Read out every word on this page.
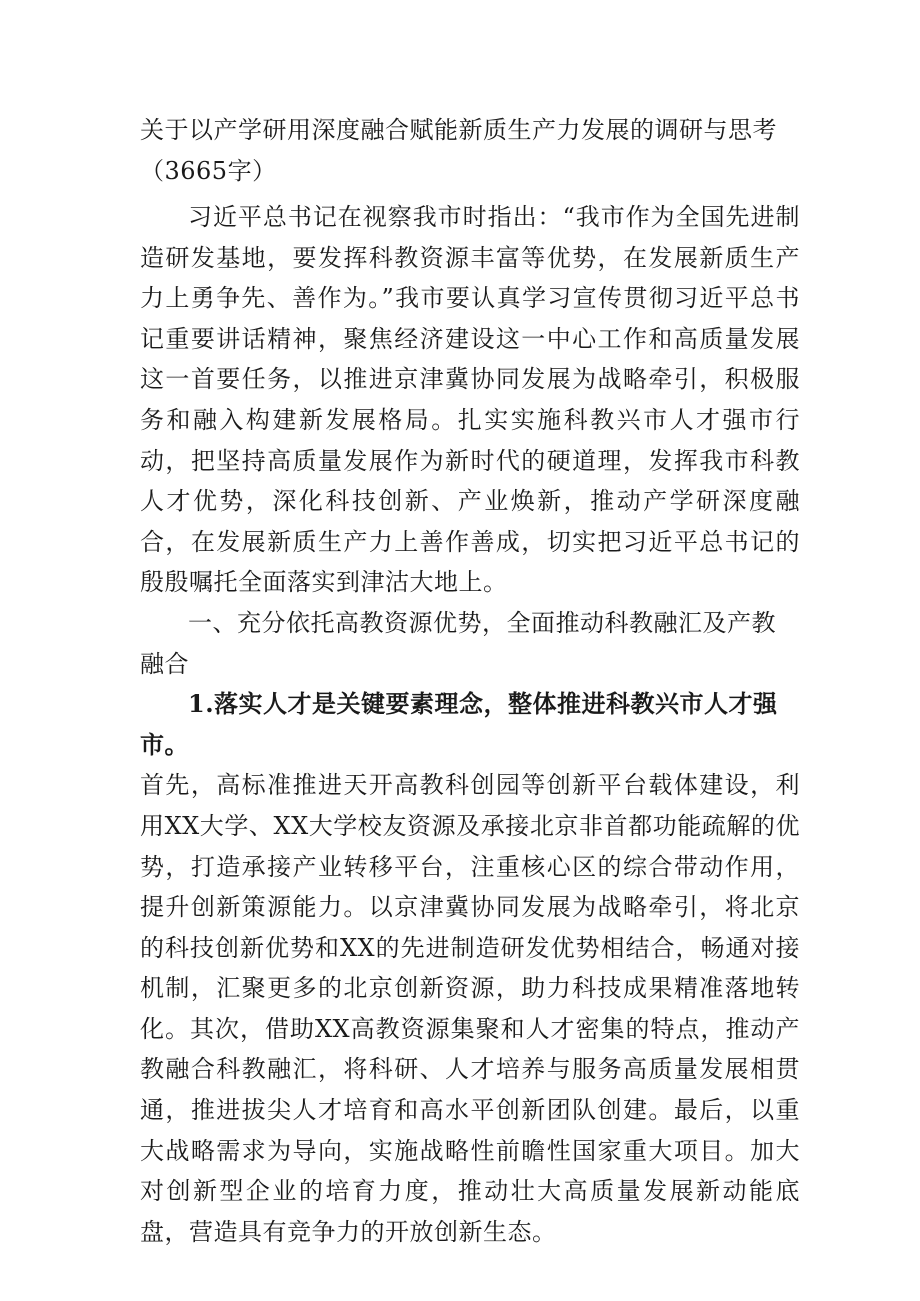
关于以产学研用深度融合赋能新质生产力发展的调研与思考（3665字）

习近平总书记在视察我市时指出：“我市作为全国先进制造研发基地，要发挥科教资源丰富等优势，在发展新质生产力上勇争先、善作为。”我市要认真学习宣传贯彻习近平总书记重要讲话精神，聚焦经济建设这一中心工作和高质量发展这一首要任务，以推进京津冀协同发展为战略牵引，积极服务和融入构建新发展格局。扎实实施科教兴市人才强市行动，把坚持高质量发展作为新时代的硬道理，发挥我市科教人才优势，深化科技创新、产业焕新，推动产学研深度融合，在发展新质生产力上善作善成，切实把习近平总书记的殷殷嘱托全面落实到津沽大地上。

一、充分依托高教资源优势，全面推动科教融汇及产教融合

1.落实人才是关键要素理念，整体推进科教兴市人才强市。

首先，高标准推进天开高教科创园等创新平台载体建设，利用XX大学、XX大学校友资源及承接北京非首都功能疏解的优势，打造承接产业转移平台，注重核心区的综合带动作用，提升创新策源能力。以京津冀协同发展为战略牵引，将北京的科技创新优势和XX的先进制造研发优势相结合，畅通对接机制，汇聚更多的北京创新资源，助力科技成果精准落地转化。其次，借助XX高教资源集聚和人才密集的特点，推动产教融合科教融汇，将科研、人才培养与服务高质量发展相贯通，推进拔尖人才培育和高水平创新团队创建。最后，以重大战略需求为导向，实施战略性前瞻性国家重大项目。加大对创新型企业的培育力度，推动壮大高质量发展新动能底盘，营造具有竞争力的开放创新生态。
